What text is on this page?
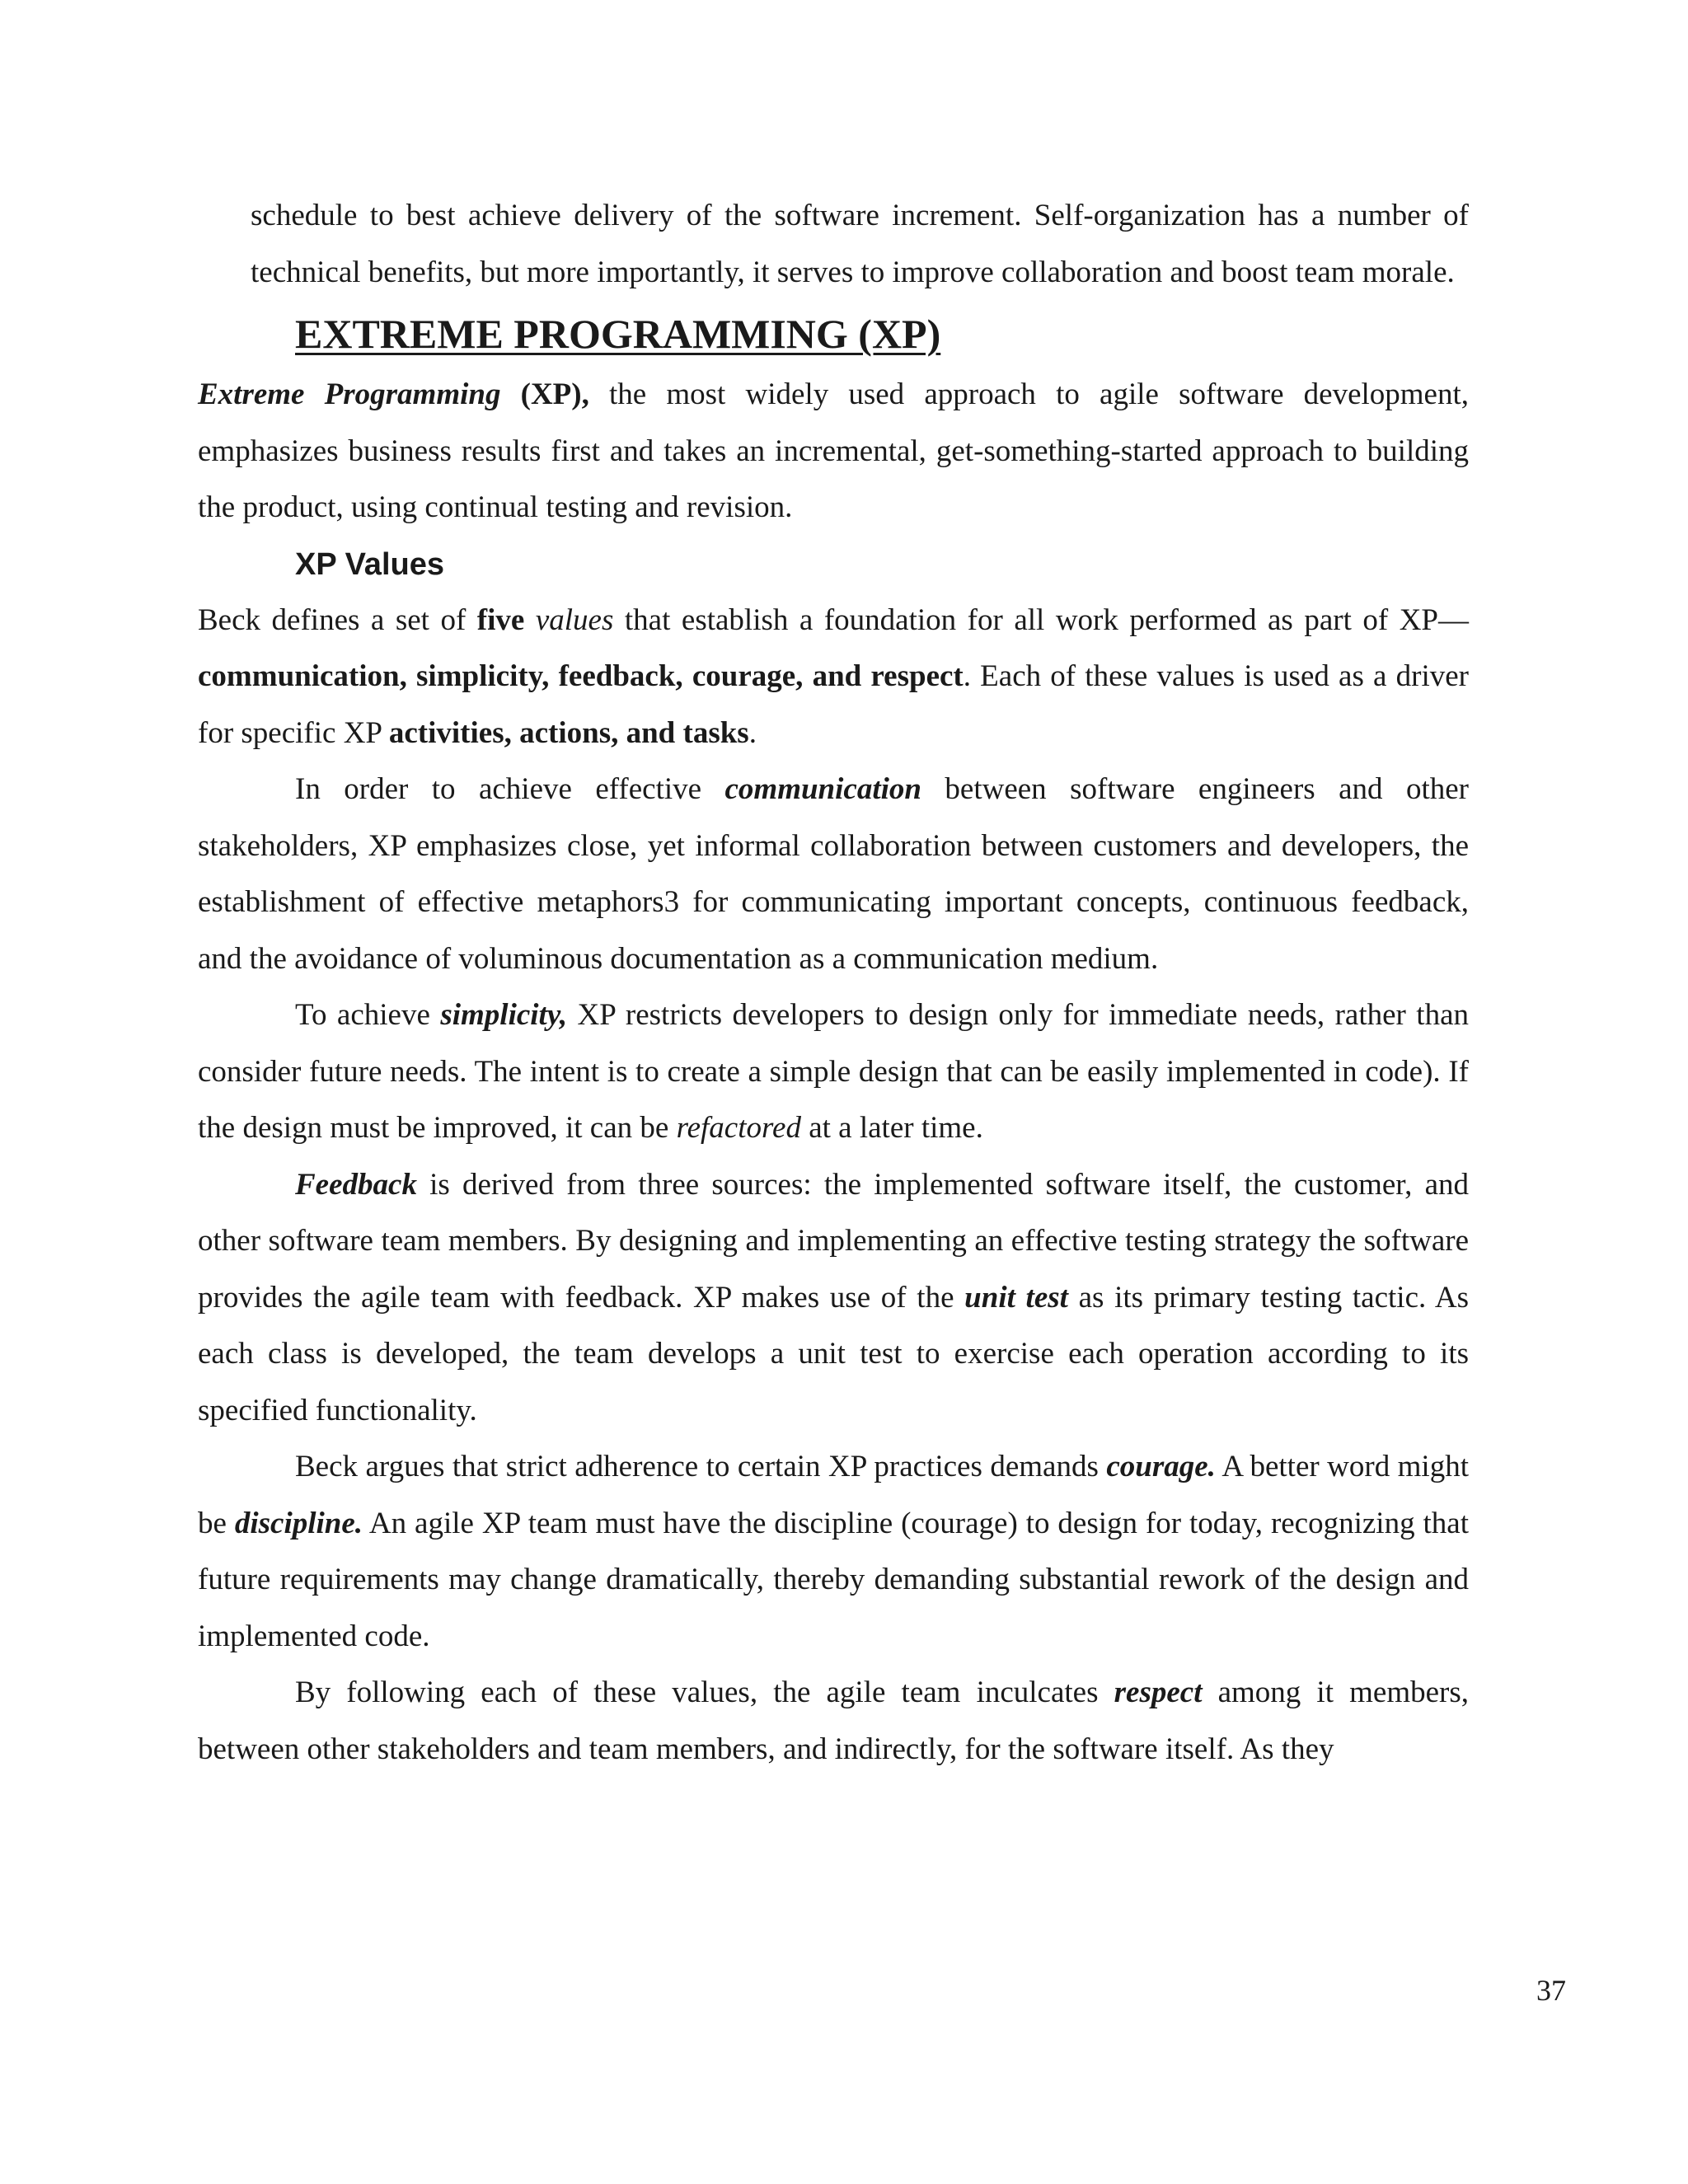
schedule to best achieve delivery of the software increment. Self-organization has a number of technical benefits, but more importantly, it serves to improve collaboration and boost team morale.

EXTREME PROGRAMMING (XP)

Extreme Programming (XP), the most widely used approach to agile software development, emphasizes business results first and takes an incremental, get-something-started approach to building the product, using continual testing and revision.

XP Values

Beck defines a set of five values that establish a foundation for all work performed as part of XP—communication, simplicity, feedback, courage, and respect. Each of these values is used as a driver for specific XP activities, actions, and tasks.

In order to achieve effective communication between software engineers and other stakeholders, XP emphasizes close, yet informal collaboration between customers and developers, the establishment of effective metaphors3 for communicating important concepts, continuous feedback, and the avoidance of voluminous documentation as a communication medium.

To achieve simplicity, XP restricts developers to design only for immediate needs, rather than consider future needs. The intent is to create a simple design that can be easily implemented in code). If the design must be improved, it can be refactored at a later time.

Feedback is derived from three sources: the implemented software itself, the customer, and other software team members. By designing and implementing an effective testing strategy the software provides the agile team with feedback. XP makes use of the unit test as its primary testing tactic. As each class is developed, the team develops a unit test to exercise each operation according to its specified functionality.

Beck argues that strict adherence to certain XP practices demands courage. A better word might be discipline. An agile XP team must have the discipline (courage) to design for today, recognizing that future requirements may change dramatically, thereby demanding substantial rework of the design and implemented code.

By following each of these values, the agile team inculcates respect among it members, between other stakeholders and team members, and indirectly, for the software itself. As they

37
